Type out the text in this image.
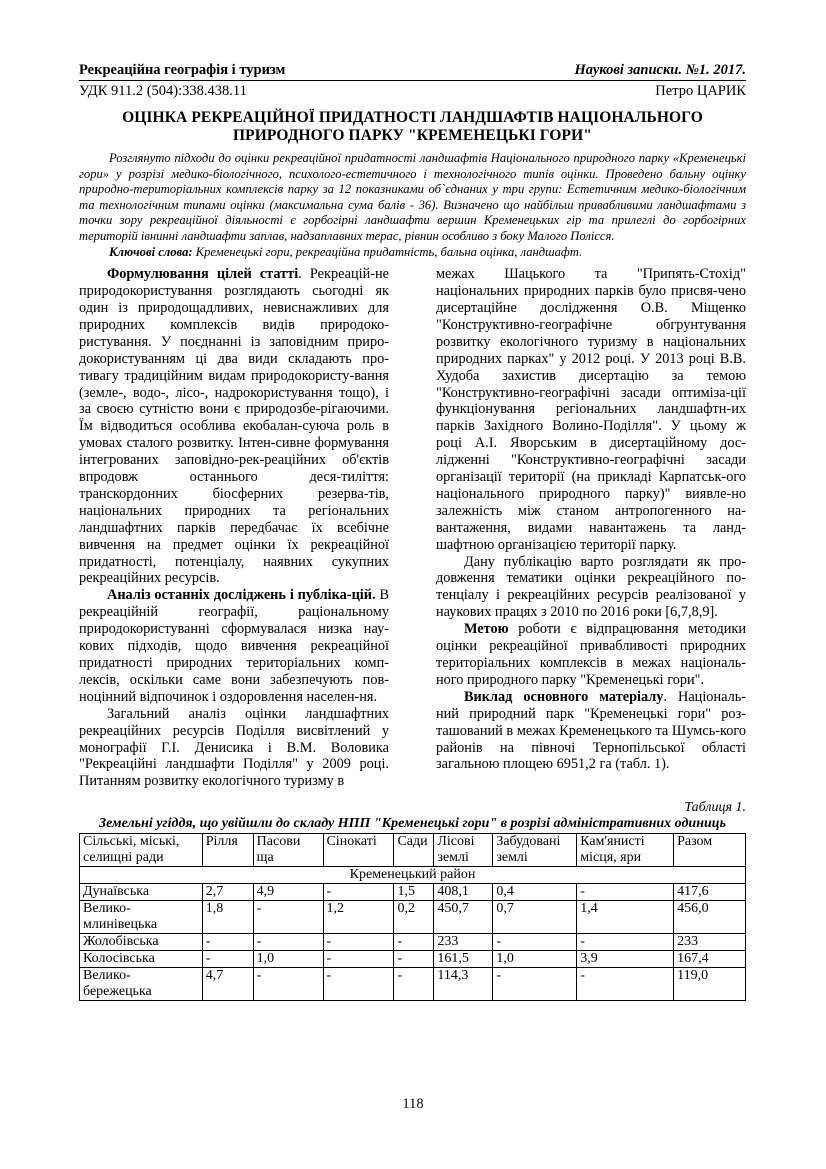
Рекреаційна географія і туризм	Наукові записки. №1. 2017.
УДК 911.2 (504):338.438.11	Петро ЦАРИК
ОЦІНКА РЕКРЕАЦІЙНОЇ ПРИДАТНОСТІ ЛАНДШАФТІВ НАЦІОНАЛЬНОГО
ПРИРОДНОГО ПАРКУ "КРЕМЕНЕЦЬКІ ГОРИ"

Розглянуто підходи до оцінки рекреаційної придатності ландшафтів Національного природного парку «Кременецькі гори» у розрізі медико-біологічного, психолого-естетичного і технологічного типів оцінки. Проведено бальну оцінку природно-територіальних комплексів парку за 12 показниками об`єднаних у три групи: Естетичним медико-біологічним та технологічним типами оцінки (максимальна сума балів - 36). Визначено що найбільш привабливими ландшафтами з точки зору рекреаційної діяльності є горбогірні ландшафти вершин Кременецьких гір та прилеглі до горбогірних територій івнинні ландшафти заплав, надзаплавних терас, рівнин особливо з боку Малого Полісся.

Ключові слова: Кременецькі гори, рекреаційна придатність, бальна оцінка, ландшафт.

Формулювання цілей статті. Рекреацій-не природокористування розглядають сьогодні як один із природощадливих, невиснажливих для природних комплексів видів природоко-ристування. У поєднанні із заповідним приро-докористуванням ці два види складають про-тивагу традиційним видам природокористу-вання (земле-, водо-, лісо-, надрокористування тощо), і за своєю сутністю вони є природозбе-рігаючими. Їм відводиться особлива екобалан-суюча роль в умовах сталого розвитку. Інтен-сивне формування інтегрованих заповідно-рек-реаційних об'єктів впродовж останнього деся-тиліття: транскордонних біосферних резерва-тів, національних природних та регіональних ландшафтних парків передбачає їх всебічне вивчення на предмет оцінки їх рекреаційної придатності, потенціалу, наявних сукупних рекреаційних ресурсів.

Аналіз останніх досліджень і публіка-цій. В рекреаційній географії, раціональному природокористуванні сформувалася низка нау-кових підходів, щодо вивчення рекреаційної придатності природних територіальних комп-лексів, оскільки саме вони забезпечують пов-ноцінний відпочинок і оздоровлення населен-ня.

Загальний аналіз оцінки ландшафтних рекреаційних ресурсів Поділля висвітлений у монографії Г.І. Денисика і В.М. Воловика "Рекреаційні ландшафти Поділля" у 2009 році. Питанням розвитку екологічного туризму в

межах Шацького та "Припять-Стохід" національних природних парків було присвя-чено дисертаційне дослідження О.В. Міщенко "Конструктивно-географічне обгрунтування розвитку екологічного туризму в національних природних парках" у 2012 році. У 2013 році В.В. Худоба захистив дисертацію за темою "Конструктивно-географічні засади оптиміза-ції функціонування регіональних ландшафтн-их парків Західного Волино-Поділля". У цьому ж році А.І. Яворським в дисертаційному дос-лідженні "Конструктивно-географічні засади організації території (на прикладі Карпатськ-ого національного природного парку)" виявле-но залежність між станом антропогенного на-вантаження, видами навантажень та ланд-шафтною організацією території парку.

Дану публікацію варто розглядати як про-довження тематики оцінки рекреаційного по-тенціалу і рекреаційних ресурсів реалізованої у наукових працях з 2010 по 2016 роки [6,7,8,9].

Метою роботи є відпрацювання методики оцінки рекреаційної привабливості природних територіальних комплексів в межах національ-ного природного парку "Кременецькі гори".

Виклад основного матеріалу. Національ-ний природний парк "Кременецькі гори" роз-ташований в межах Кременецького та Шумсь-кого районів на півночі Тернопільської області загальною площею 6951,2 га (табл. 1).

Таблиця 1.
Земельні угіддя, що увійшли до складу НПП "Кременецькі гори" в розрізі адміністративних одиниць
Сільські, міські, селищні ради	Рілля	Пасови ща	Сінокаті	Сади	Лісові землі	Забудовані землі	Кам'янисті місця, яри	Разом
Кременецький район								
Дунаївська	2,7	4,9	-	1,5	408,1	0,4	-	417,6
Велико-млинівецька	1,8	-	1,2	0,2	450,7	0,7	1,4	456,0
Жолобівська	-	-	-	-	233	-	-	233
Колосівська	-	1,0	-	-	161,5	1,0	3,9	167,4
Велико-бережецька	4,7	-	-	-	114,3	-	-	119,0
118
